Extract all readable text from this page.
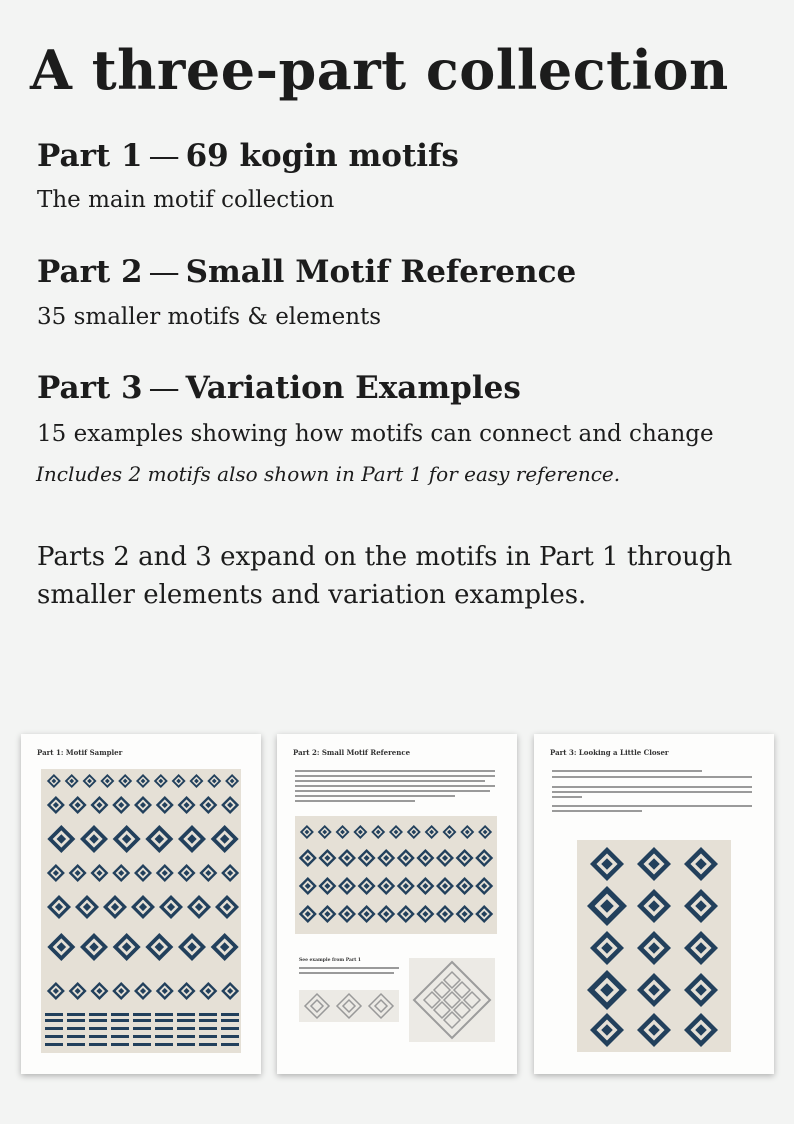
A three-part collection
Part 1 — 69 kogin motifs
The main motif collection
Part 2 — Small Motif Reference
35 smaller motifs & elements
Part 3 — Variation Examples
15 examples showing how motifs can connect and change
Includes 2 motifs also shown in Part 1 for easy reference.
Parts 2 and 3 expand on the motifs in Part 1 through smaller elements and variation examples.
Part 1: Motif Sampler	Part 2: Small Motif Reference
See example from Part 1
Part 3: Looking a Little Closer
